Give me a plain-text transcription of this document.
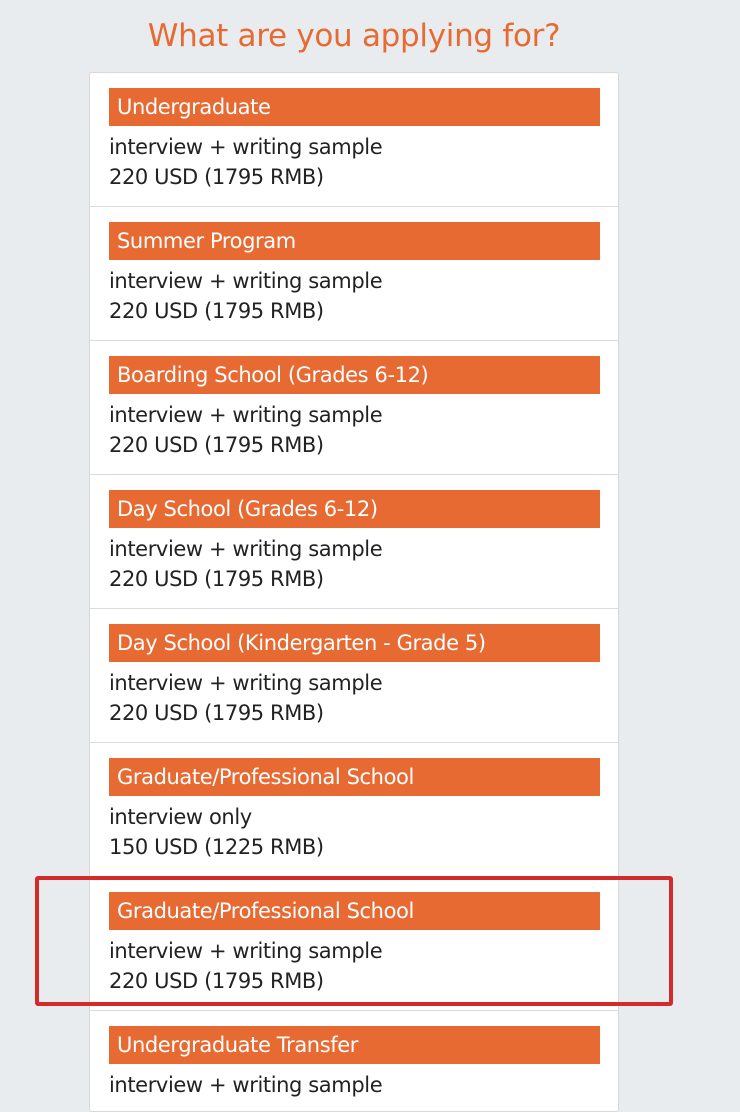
What are you applying for?
Undergraduate
interview + writing sample
220 USD (1795 RMB)
Summer Program
interview + writing sample
220 USD (1795 RMB)
Boarding School (Grades 6-12)
interview + writing sample
220 USD (1795 RMB)
Day School (Grades 6-12)
interview + writing sample
220 USD (1795 RMB)
Day School (Kindergarten - Grade 5)
interview + writing sample
220 USD (1795 RMB)
Graduate/Professional School
interview only
150 USD (1225 RMB)
Graduate/Professional School
interview + writing sample
220 USD (1795 RMB)
Undergraduate Transfer
interview + writing sample
